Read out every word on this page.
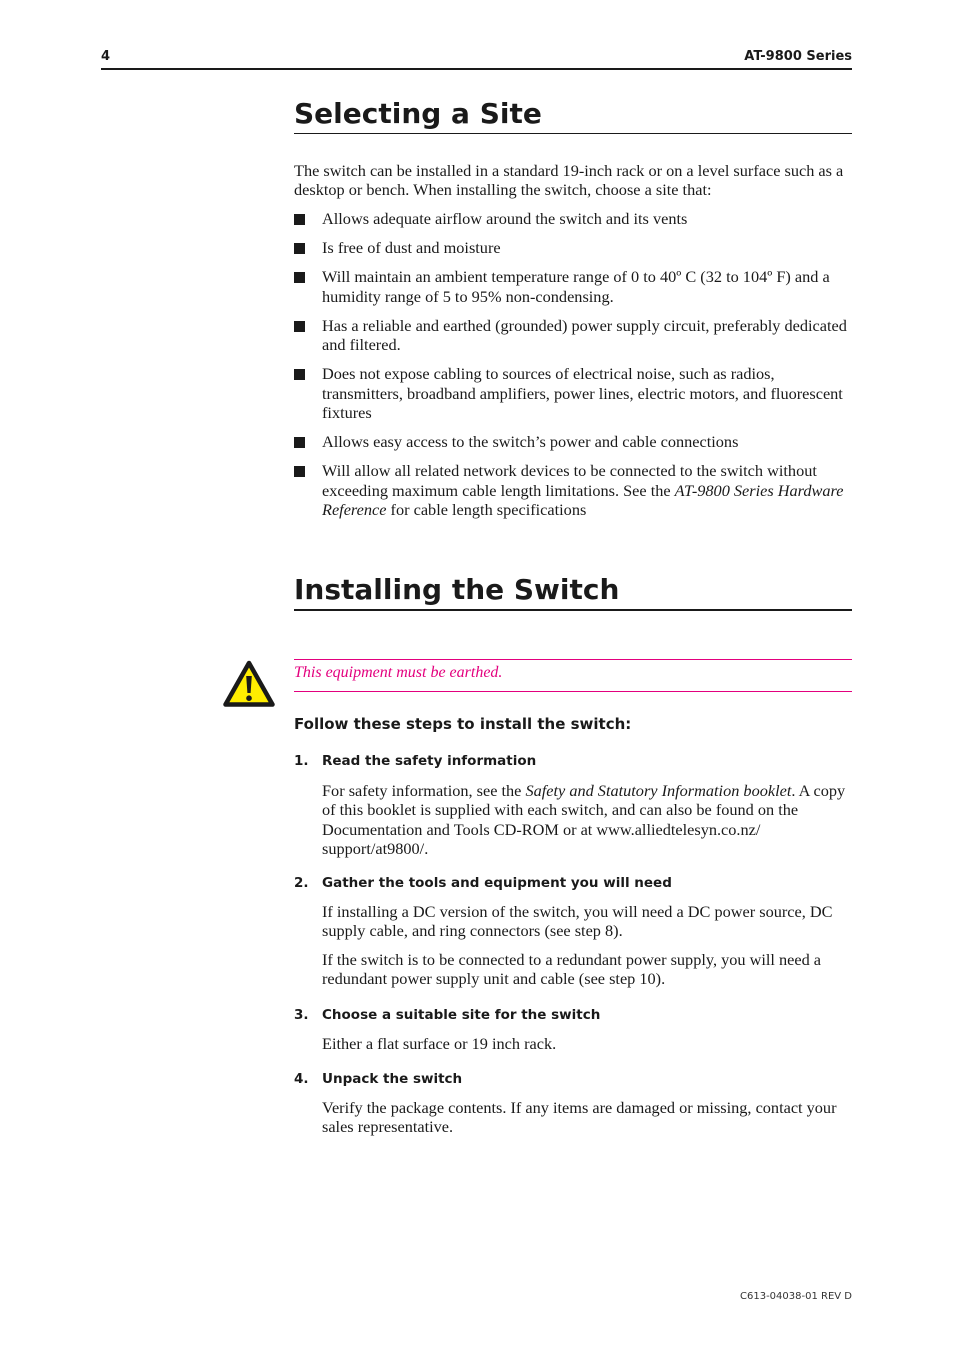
4	AT-9800 Series
Selecting a Site

The switch can be installed in a standard 19-inch rack or on a level surface such as a desktop or bench. When installing the switch, choose a site that:

Allows adequate airflow around the switch and its vents
Is free of dust and moisture
Will maintain an ambient temperature range of 0 to 40º C (32 to 104º F) and a humidity range of 5 to 95% non-condensing.
Has a reliable and earthed (grounded) power supply circuit, preferably dedicated and filtered.
Does not expose cabling to sources of electrical noise, such as radios, transmitters, broadband amplifiers, power lines, electric motors, and fluorescent fixtures
Allows easy access to the switch’s power and cable connections
Will allow all related network devices to be connected to the switch without exceeding maximum cable length limitations. See the AT-9800 Series Hardware Reference for cable length specifications
Installing the Switch
This equipment must be earthed.
Follow these steps to install the switch:
1. Read the safety information

For safety information, see the Safety and Statutory Information booklet. A copy of this booklet is supplied with each switch, and can also be found on the Documentation and Tools CD-ROM or at www.alliedtelesyn.co.nz/ support/at9800/.

2. Gather the tools and equipment you will need

If installing a DC version of the switch, you will need a DC power source, DC supply cable, and ring connectors (see step 8).

If the switch is to be connected to a redundant power supply, you will need a redundant power supply unit and cable (see step 10).

3. Choose a suitable site for the switch

Either a flat surface or 19 inch rack.

4. Unpack the switch

Verify the package contents. If any items are damaged or missing, contact your sales representative.

C613-04038-01 REV D
